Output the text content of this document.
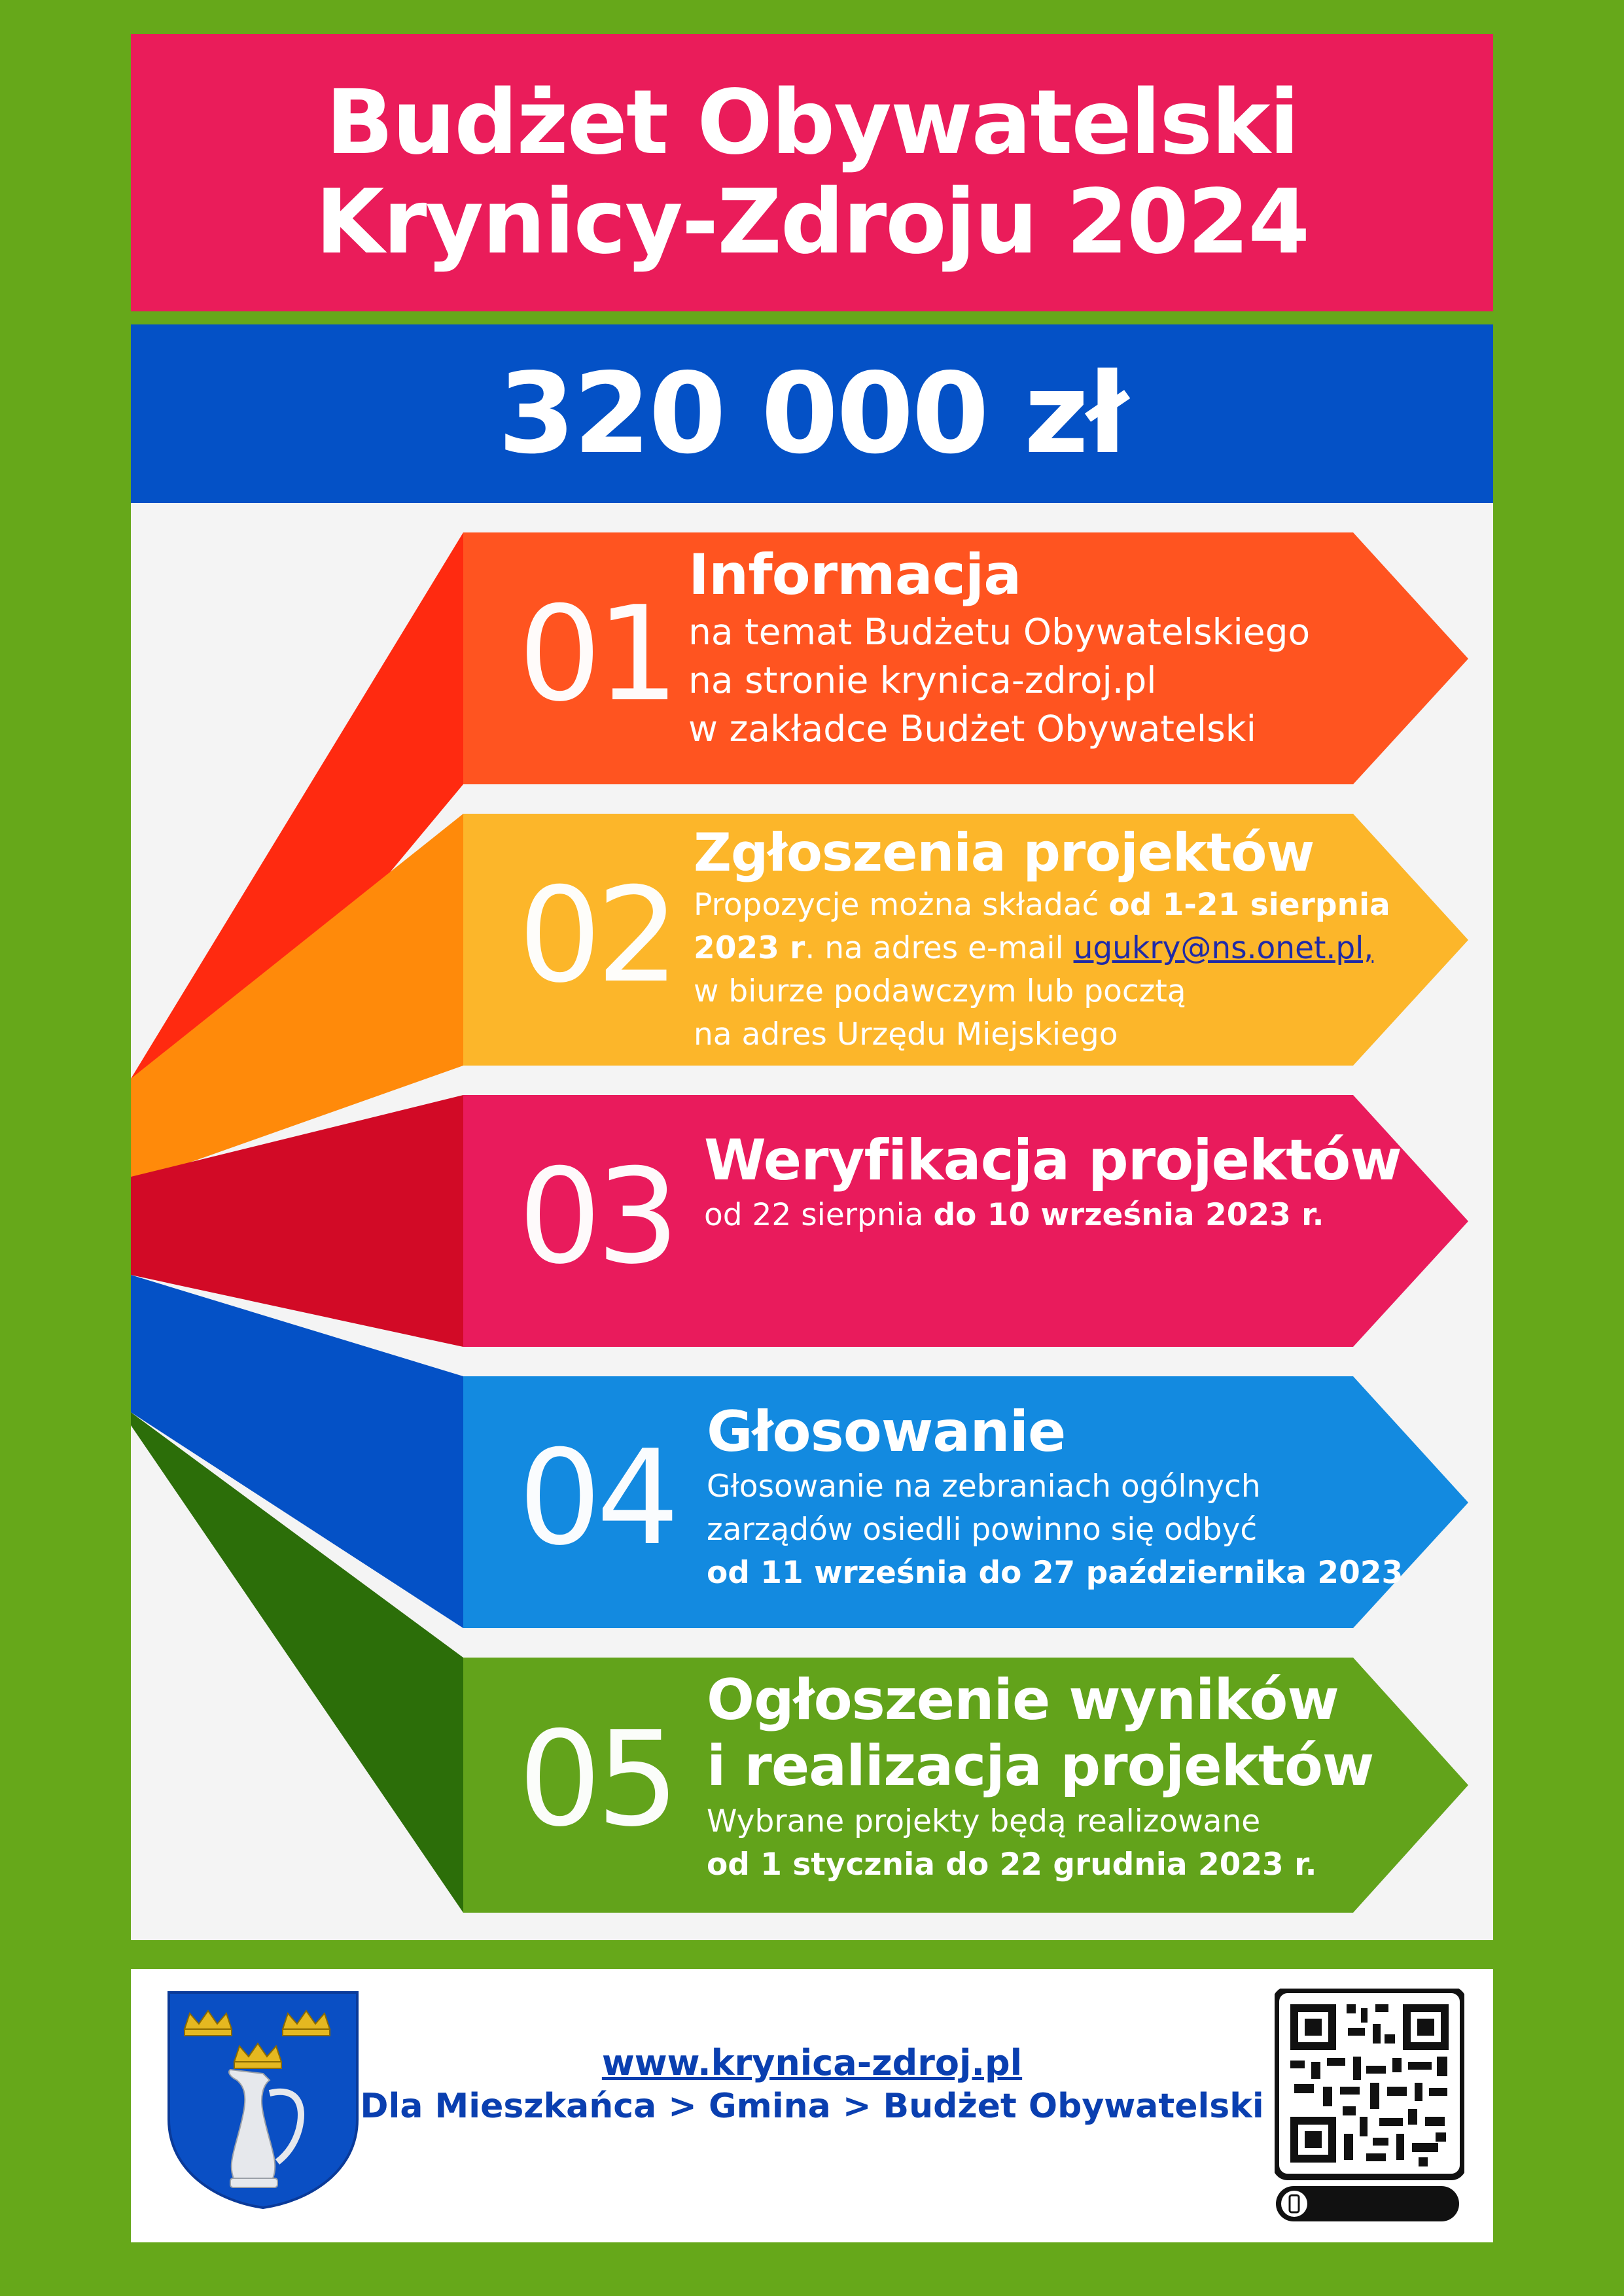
Budżet Obywatelski
Krynicy-Zdroju 2024
320 000 zł
01
Informacja
na temat Budżetu Obywatelskiego
na stronie krynica-zdroj.pl
w zakładce Budżet Obywatelski
02
Zgłoszenia projektów
Propozycje można składać od 1-21 sierpnia
2023 r. na adres e-mail ugukry@ns.onet.pl,
w biurze podawczym lub pocztą
na adres Urzędu Miejskiego
03 Weryfikacja projektów
od 22 sierpnia do 10 września 2023 r.
04 Głosowanie
Głosowanie na zebraniach ogólnych
zarządów osiedli powinno się odbyć
od 11 września do 27 października 2023
05
Ogłoszenie wyników
i realizacja projektów
Wybrane projekty będą realizowane
od 1 stycznia do 22 grudnia 2023 r.
www.krynica-zdroj.pl
Dla Mieszkańca > Gmina > Budżet Obywatelski
